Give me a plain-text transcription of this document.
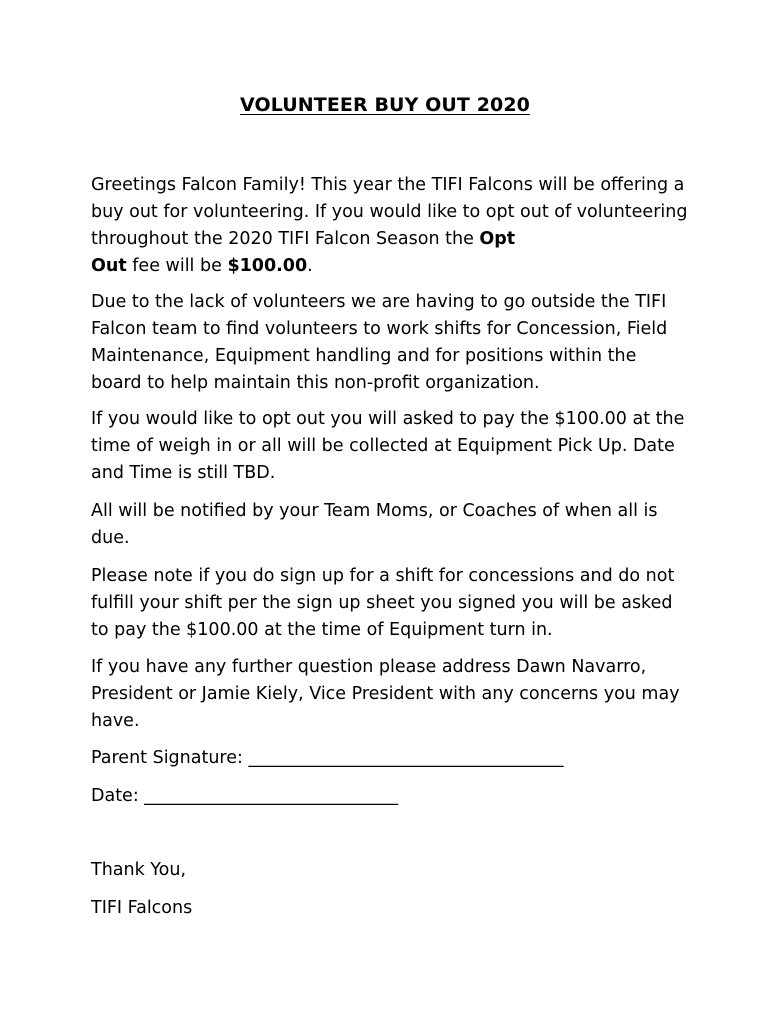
VOLUNTEER BUY OUT 2020

Greetings Falcon Family! This year the TIFI Falcons will be offering a buy out for volunteering. If you would like to opt out of volunteering throughout the 2020 TIFI Falcon Season the Opt
Out fee will be $100.00.

Due to the lack of volunteers we are having to go outside the TIFI Falcon team to find volunteers to work shifts for Concession, Field Maintenance, Equipment handling and for positions within the board to help maintain this non-profit organization.

If you would like to opt out you will asked to pay the $100.00 at the time of weigh in or all will be collected at Equipment Pick Up. Date and Time is still TBD.

All will be notified by your Team Moms, or Coaches of when all is due.

Please note if you do sign up for a shift for concessions and do not fulfill your shift per the sign up sheet you signed you will be asked to pay the $100.00 at the time of Equipment turn in.

If you have any further question please address Dawn Navarro, President or Jamie Kiely, Vice President with any concerns you may have.

Parent Signature: ____________________________________

Date: _____________________________

Thank You,

TIFI Falcons
